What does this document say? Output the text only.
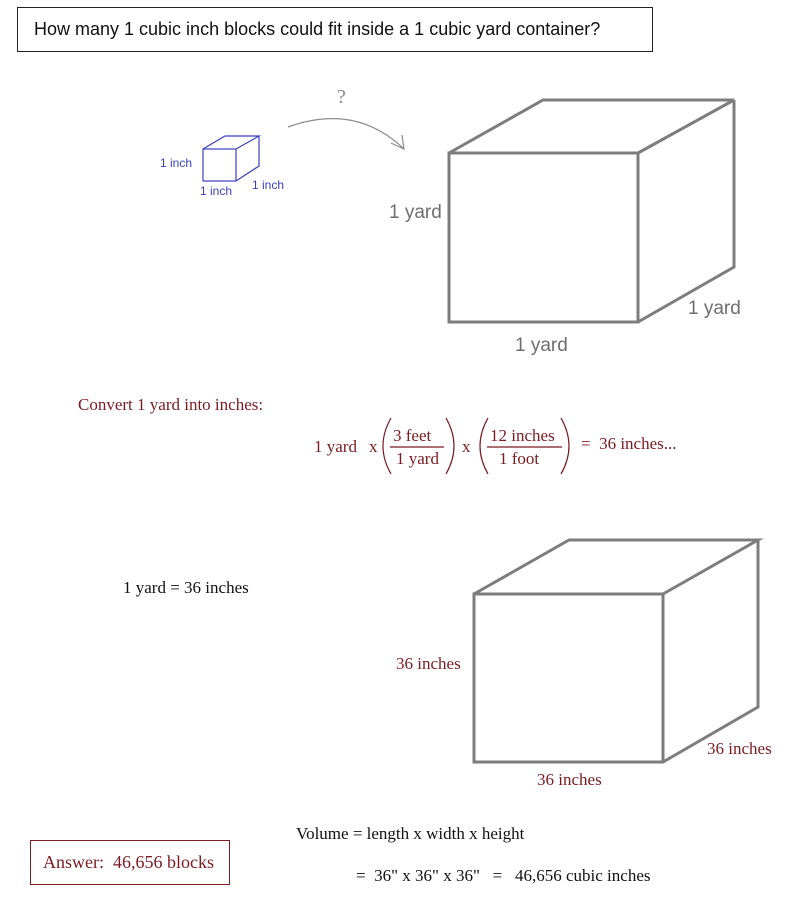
How many 1 cubic inch blocks could fit inside a 1 cubic yard container?
1 inch
1 inch 1 inch
?
1 yard
1 yard
1 yard
Convert 1 yard into inches:
1 yard x
3 feet
1 yard
x
12 inches
1 foot
=  36 inches...
1 yard = 36 inches
36 inches
36 inches
36 inches
Volume = length x width x height
=  36" x 36" x 36"   =   46,656 cubic inches
Answer:  46,656 blocks
